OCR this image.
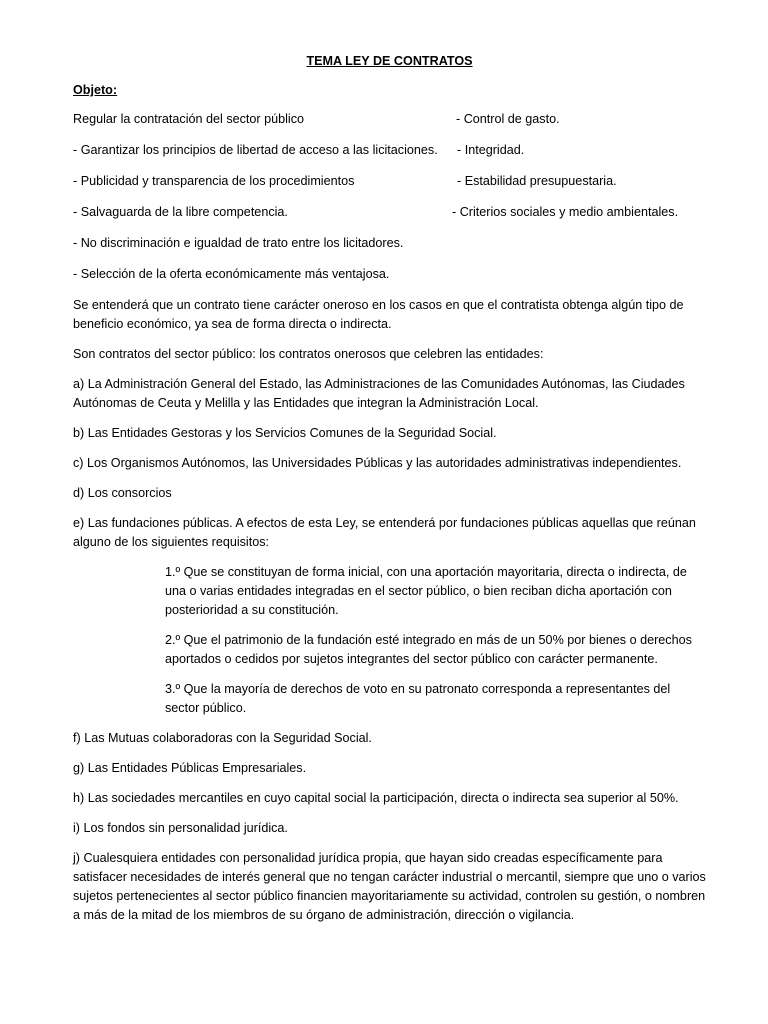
TEMA LEY DE CONTRATOS
Objeto:
Regular la contratación del sector público	- Control de gasto.
- Garantizar los principios de libertad de acceso a las licitaciones. - Integridad.
- Publicidad y transparencia de los procedimientos	- Estabilidad presupuestaria.
- Salvaguarda de la libre competencia.	- Criterios sociales y medio ambientales.

- No discriminación e igualdad de trato entre los licitadores.

- Selección de la oferta económicamente más ventajosa.

Se entenderá que un contrato tiene carácter oneroso en los casos en que el contratista obtenga algún tipo de beneficio económico, ya sea de forma directa o indirecta.

Son contratos del sector público: los contratos onerosos que celebren las entidades:

a) La Administración General del Estado, las Administraciones de las Comunidades Autónomas, las Ciudades Autónomas de Ceuta y Melilla y las Entidades que integran la Administración Local.

b) Las Entidades Gestoras y los Servicios Comunes de la Seguridad Social.

c) Los Organismos Autónomos, las Universidades Públicas y las autoridades administrativas independientes.

d) Los consorcios

e) Las fundaciones públicas. A efectos de esta Ley, se entenderá por fundaciones públicas aquellas que reúnan alguno de los siguientes requisitos:

1.º Que se constituyan de forma inicial, con una aportación mayoritaria, directa o indirecta, de una o varias entidades integradas en el sector público, o bien reciban dicha aportación con posterioridad a su constitución.

2.º Que el patrimonio de la fundación esté integrado en más de un 50% por bienes o derechos aportados o cedidos por sujetos integrantes del sector público con carácter permanente.

3.º Que la mayoría de derechos de voto en su patronato corresponda a representantes del sector público.

f) Las Mutuas colaboradoras con la Seguridad Social.

g) Las Entidades Públicas Empresariales.

h) Las sociedades mercantiles en cuyo capital social la participación, directa o indirecta sea superior al 50%.

i) Los fondos sin personalidad jurídica.

j) Cualesquiera entidades con personalidad jurídica propia, que hayan sido creadas específicamente para satisfacer necesidades de interés general que no tengan carácter industrial o mercantil, siempre que uno o varios sujetos pertenecientes al sector público financien mayoritariamente su actividad, controlen su gestión, o nombren a más de la mitad de los miembros de su órgano de administración, dirección o vigilancia.
